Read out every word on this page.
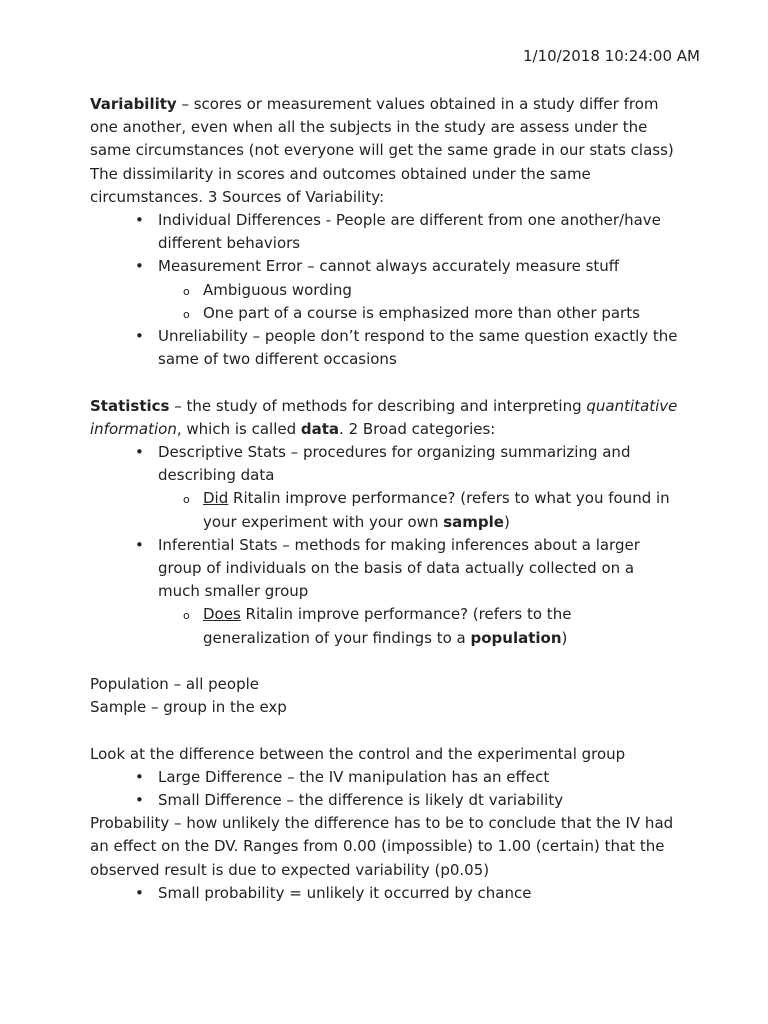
1/10/2018 10:24:00 AM

Variability – scores or measurement values obtained in a study differ from one another, even when all the subjects in the study are assess under the same circumstances (not everyone will get the same grade in our stats class) The dissimilarity in scores and outcomes obtained under the same circumstances. 3 Sources of Variability:

• Individual Differences - People are different from one another/have different behaviors
• Measurement Error – cannot always accurately measure stuff
o Ambiguous wording
o One part of a course is emphasized more than other parts
• Unreliability – people don’t respond to the same question exactly the same of two different occasions

Statistics – the study of methods for describing and interpreting quantitative information, which is called data. 2 Broad categories:

• Descriptive Stats – procedures for organizing summarizing and describing data
o Did Ritalin improve performance? (refers to what you found in your experiment with your own sample)
• Inferential Stats – methods for making inferences about a larger group of individuals on the basis of data actually collected on a much smaller group
o Does Ritalin improve performance? (refers to the generalization of your findings to a population)

Population – all people

Sample – group in the exp

Look at the difference between the control and the experimental group

• Large Difference – the IV manipulation has an effect
• Small Difference – the difference is likely dt variability

Probability – how unlikely the difference has to be to conclude that the IV had an effect on the DV. Ranges from 0.00 (impossible) to 1.00 (certain) that the observed result is due to expected variability (p0.05)

• Small probability = unlikely it occurred by chance
